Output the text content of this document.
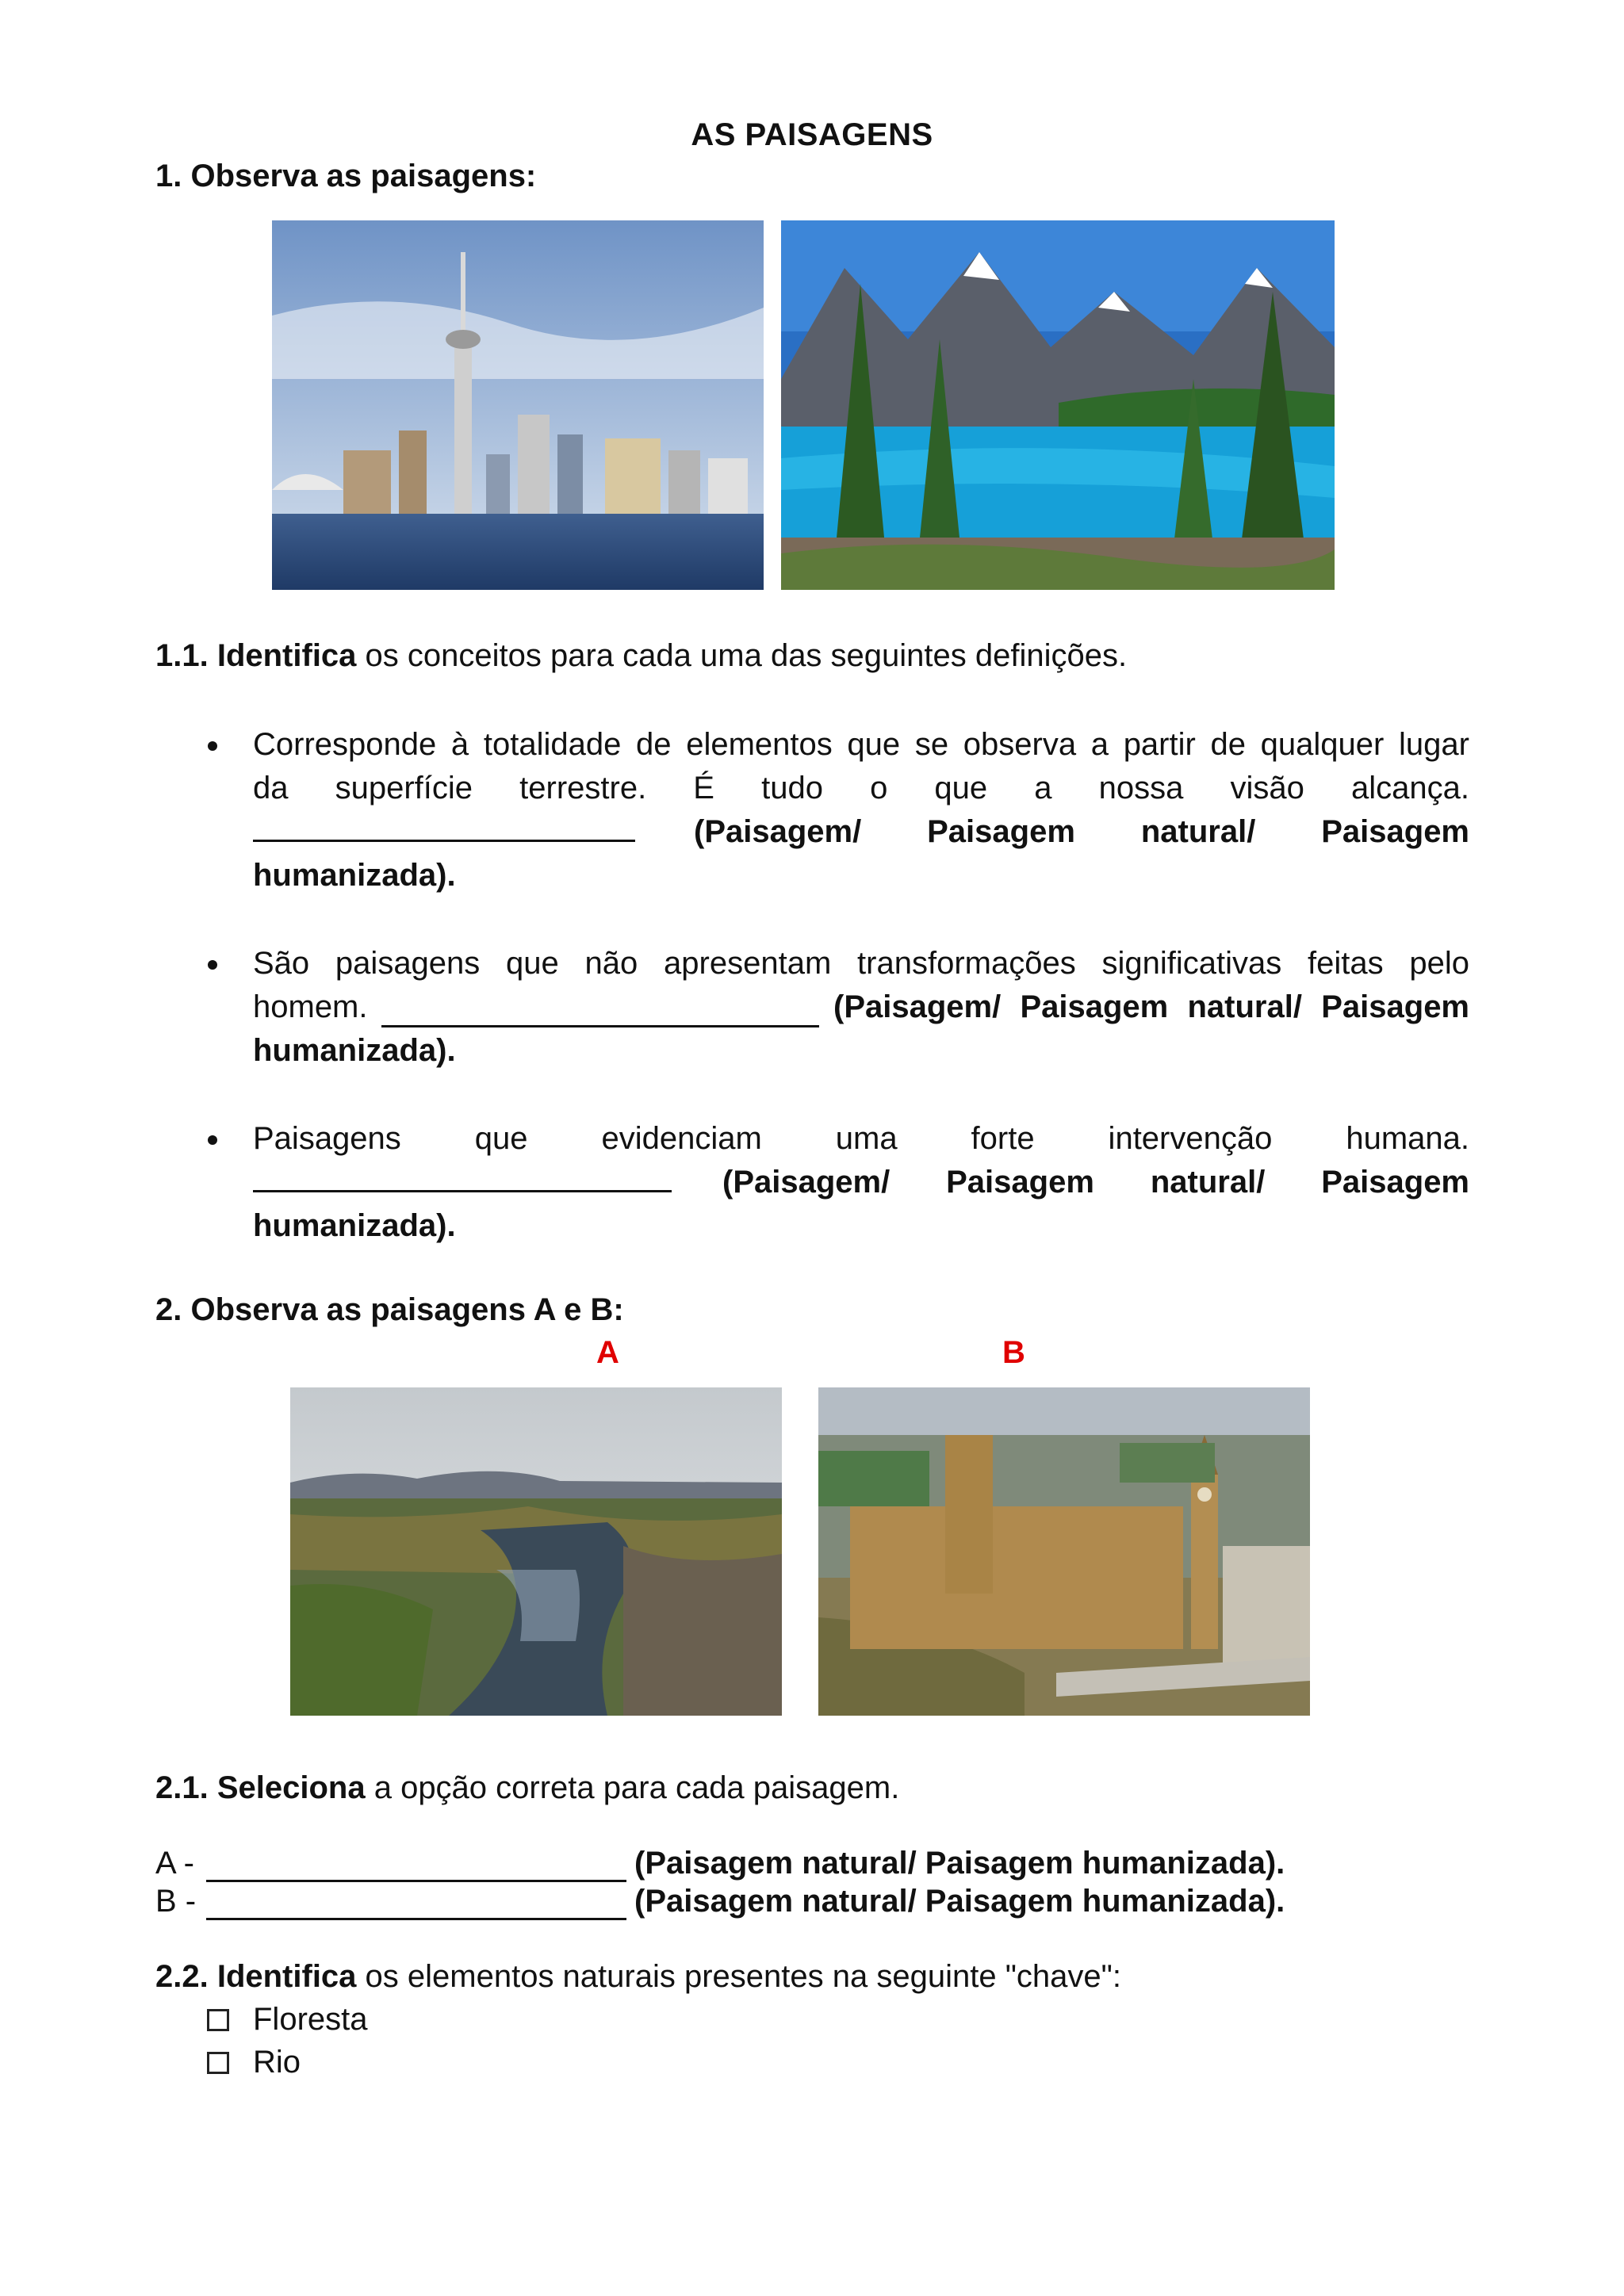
AS PAISAGENS
1. Observa as paisagens:
1.1. Identifica os conceitos para cada uma das seguintes definições.
Corresponde à totalidade de elementos que se observa a partir de qualquer lugar
da superfície terrestre. É tudo o que a nossa visão alcança.
(Paisagem/ Paisagem natural/ Paisagem
humanizada).
São paisagens que não apresentam transformações significativas feitas pelo
homem.	(Paisagem/ Paisagem natural/ Paisagem
humanizada).
Paisagens que evidenciam uma forte intervenção humana.
(Paisagem/ Paisagem natural/ Paisagem
humanizada).
2. Observa as paisagens A e B:
A	B
2.1. Seleciona a opção correta para cada paisagem.
A -	(Paisagem natural/ Paisagem humanizada).
B -	(Paisagem natural/ Paisagem humanizada).
2.2. Identifica os elementos naturais presentes na seguinte "chave":
Floresta
Rio
